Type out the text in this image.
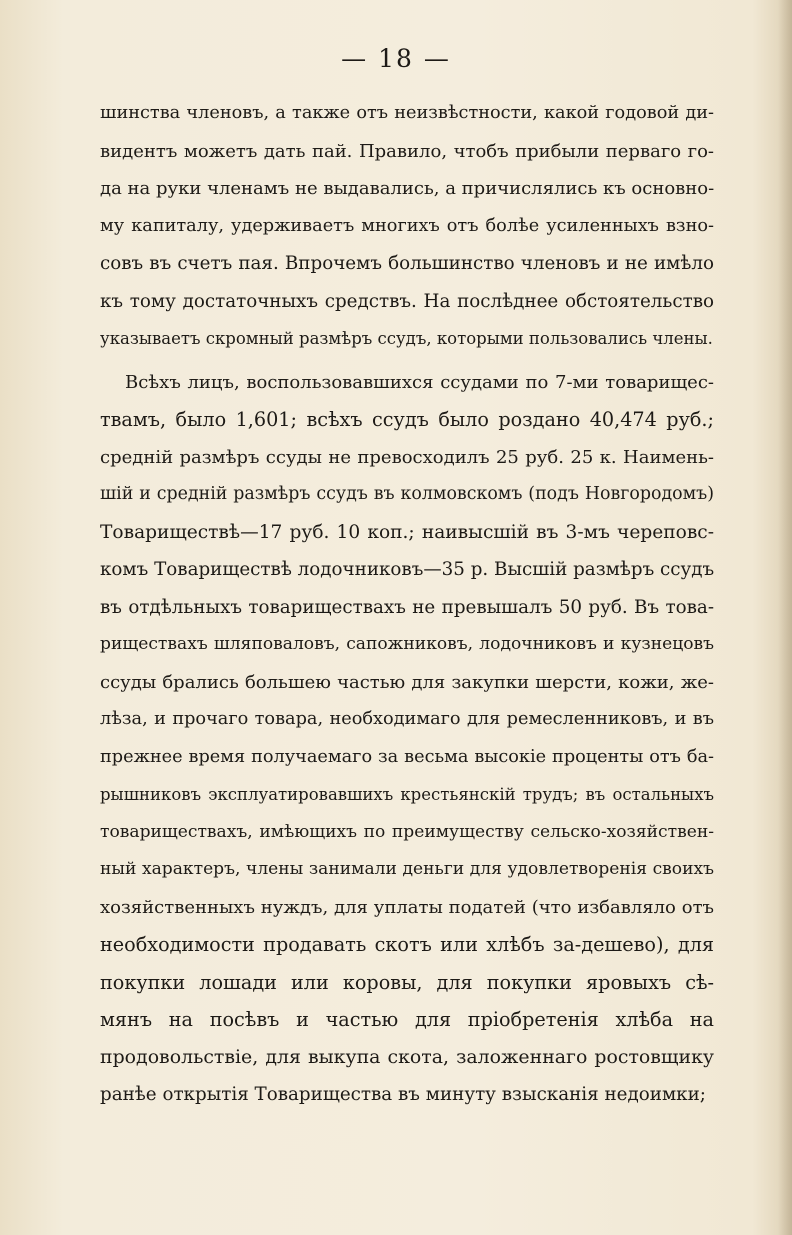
— 18 —
шинства членовъ, а также отъ неизвѣстности, какой годовой ди-
видентъ можетъ дать пай. Правило, чтобъ прибыли перваго го-
да на руки членамъ не выдавались, а причислялись къ основно-
му капиталу, удерживаетъ многихъ отъ болѣе усиленныхъ взно-
совъ въ счетъ пая. Впрочемъ большинство членовъ и не имѣло
къ тому достаточныхъ средствъ. На послѣднее обстоятельство
указываетъ скромный размѣръ ссудъ, которыми пользовались члены.
Всѣхъ лицъ, воспользовавшихся ссудами по 7-ми товарищес-
твамъ, было 1,601; всѣхъ ссудъ было роздано 40,474 руб.;
средній размѣръ ссуды не превосходилъ 25 руб. 25 к. Наимень-
шій и средній размѣръ ссудъ въ колмовскомъ (подъ Новгородомъ)
Товариществѣ—17 руб. 10 коп.; наивысшій въ 3-мъ череповс-
комъ Товариществѣ лодочниковъ—35 р. Высшій размѣръ ссудъ
въ отдѣльныхъ товариществахъ не превышалъ 50 руб. Въ това-
риществахъ шляповаловъ, сапожниковъ, лодочниковъ и кузнецовъ
ссуды брались большею частью для закупки шерсти, кожи, же-
лѣза, и прочаго товара, необходимаго для ремесленниковъ, и въ
прежнее время получаемаго за весьма высокіе проценты отъ ба-
рышниковъ эксплуатировавшихъ крестьянскій трудъ; въ остальныхъ
товариществахъ, имѣющихъ по преимуществу сельско-хозяйствен-
ный характеръ, члены занимали деньги для удовлетворенія своихъ
хозяйственныхъ нуждъ, для уплаты податей (что избавляло отъ
необходимости продавать скотъ или хлѣбъ за-дешево), для
покупки лошади или коровы, для покупки яровыхъ сѣ-
мянъ на посѣвъ и частью для пріобретенія хлѣба на
продовольствіе, для выкупа скота, заложеннаго ростовщику
ранѣе открытія Товарищества въ минуту взысканія недоимки;
